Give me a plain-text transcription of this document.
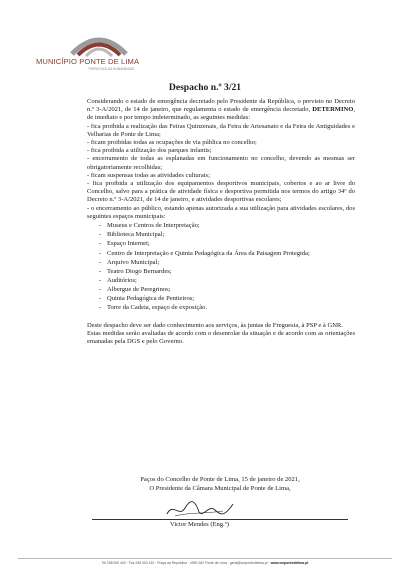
MUNICÍPIO PONTE DE LIMA
TERRA RICA DA HUMANIDADE
Despacho n.º 3/21

Considerando o estado de emergência decretado pelo Presidente da República, o previsto no Decreto n.º 3-A/2021, de 14 de janeiro, que regulamenta o estado de emergência decretado, DETERMINO, de imediato e por tempo indeterminado, as seguintes medidas:

- fica proibida a realização das Feiras Quinzenais, da Feira de Artesanato e da Feira de Antiguidades e Velharias de Ponte de Lima;

- ficam proibidas todas as ocupações de via pública no concelho;

- fica proibida a utilização dos parques infantis;

- encerramento de todas as esplanadas em funcionamento no concelho, devendo as mesmas ser obrigatoriamente recolhidas;

- ficam suspensas todas as atividades culturais;

- fica proibida a utilização dos equipamentos desportivos municipais, cobertos e ao ar livre do Concelho, salvo para a prática de atividade física e desportiva permitida nos termos do artigo 34º do Decreto n.º 3-A/2021, de 14 de janeiro, e atividades desportivas escolares;

- o encerramento ao público, estando apenas autorizada a sua utilização para atividades escolares, dos seguintes espaços municipais:

- Museus e Centros de Interpretação;
- Biblioteca Municipal;
- Espaço Internet;
- Centro de Interpretação e Quinta Pedagógica da Área da Paisagem Protegida;
- Arquivo Municipal;
- Teatro Diogo Bernardes;
- Auditórios;
- Albergue de Peregrinos;
- Quinta Pedagógica de Pentieiros;
- Torre da Cadeia, espaço de exposição.

Deste despacho deve ser dado conhecimento aos serviços, às juntas de Freguesia, à PSP e à GNR.

Estas medidas serão avaliadas de acordo com o desenrolar da situação e de acordo com as orientações emanadas pela DGS e pelo Governo.

Paços do Concelho de Ponte de Lima, 15 de janeiro de 2021,
O Presidente da Câmara Municipal de Ponte de Lima,
Victor Mendes (Eng.º)
Tel 258 900 400 · Fax 258 900 410 · Praça da República · 4990 062 Ponte de Lima · geral@cmpontedelima.pt · www.cmpontedelima.pt
